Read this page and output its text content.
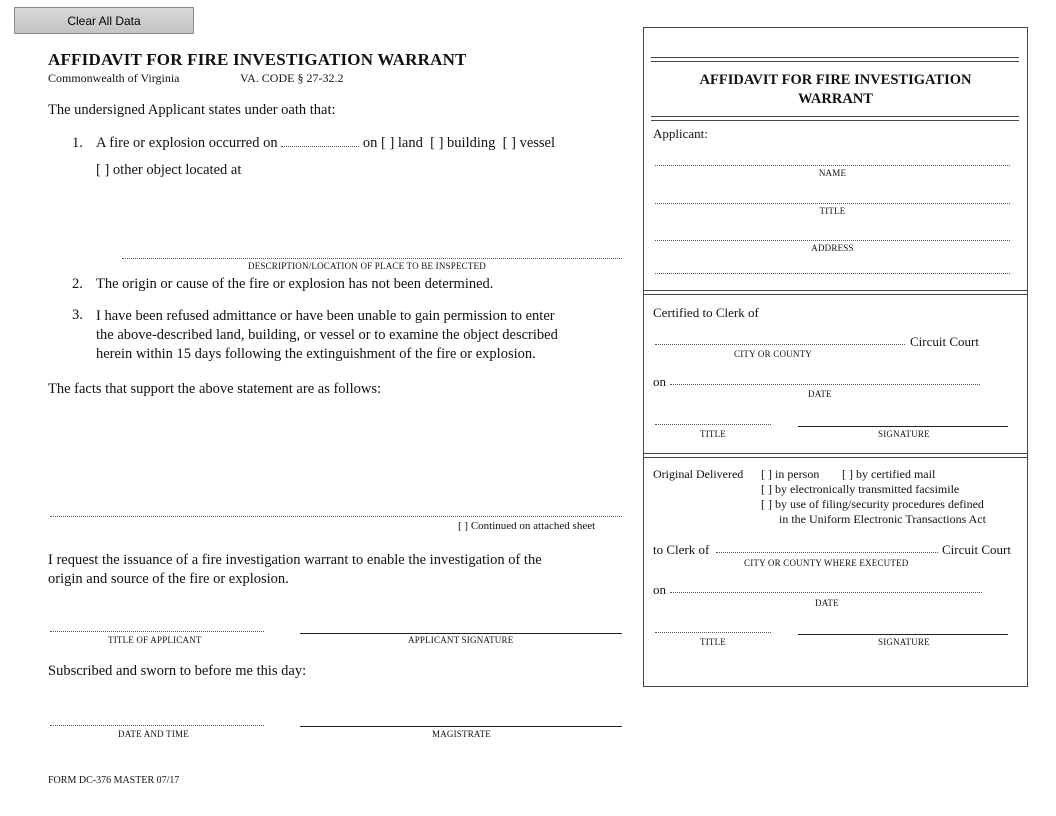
Clear All Data
AFFIDAVIT FOR FIRE INVESTIGATION WARRANT
Commonwealth of Virginia	VA. CODE § 27-32.2
The undersigned Applicant states under oath that:
1. A fire or explosion occurred on	on [ ] land [ ] building [ ] vessel
[ ] other object located at
DESCRIPTION/LOCATION OF PLACE TO BE INSPECTED
2. The origin or cause of the fire or explosion has not been determined.
3. I have been refused admittance or have been unable to gain permission to enter
the above-described land, building, or vessel or to examine the object described
herein within 15 days following the extinguishment of the fire or explosion.
The facts that support the above statement are as follows:
[ ] Continued on attached sheet
I request the issuance of a fire investigation warrant to enable the investigation of the
origin and source of the fire or explosion.
TITLE OF APPLICANT	APPLICANT SIGNATURE
Subscribed and sworn to before me this day:
DATE AND TIME	MAGISTRATE
FORM DC-376 MASTER 07/17
AFFIDAVIT FOR FIRE INVESTIGATION
WARRANT
Applicant:
NAME
TITLE
ADDRESS
Certified to Clerk of
Circuit Court
CITY OR COUNTY
on
DATE
TITLE	SIGNATURE
Original Delivered [ ] in person [ ] by certified mail
[ ] by electronically transmitted facsimile
[ ] by use of filing/security procedures defined
in the Uniform Electronic Transactions Act
to Clerk of	Circuit Court
CITY OR COUNTY WHERE EXECUTED
on
DATE
TITLE	SIGNATURE
